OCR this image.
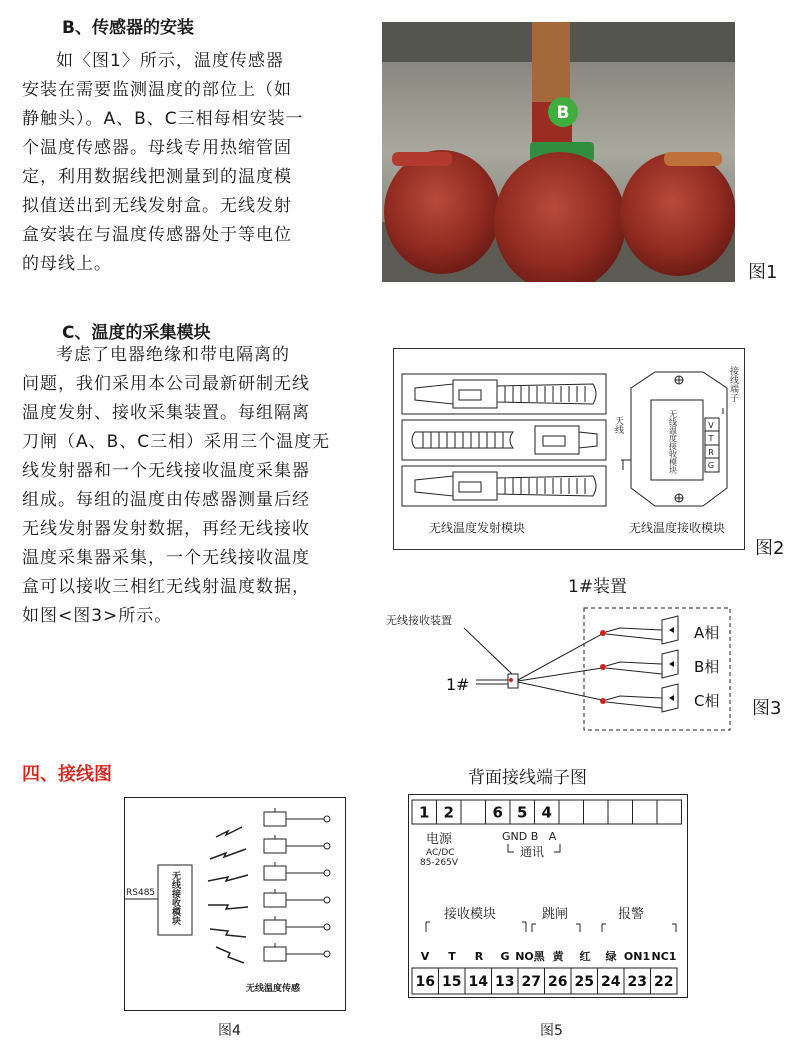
B、传感器的安装
如〈图1〉所示，温度传感器
安装在需要监测温度的部位上（如
静触头）。A、B、C三相每相安装一
个温度传感器。母线专用热缩管固
定，利用数据线把测量到的温度模
拟值送出到无线发射盒。无线发射
盒安装在与温度传感器处于等电位
的母线上。
C、温度的采集模块
考虑了电器绝缘和带电隔离的
问题，我们采用本公司最新研制无线
温度发射、接收采集装置。每组隔离
刀闸（A、B、C三相）采用三个温度无
线发射器和一个无线接收温度采集器
组成。每组的温度由传感器测量后经
无线发射器发射数据，再经无线接收
温度采集器采集，一个无线接收温度
盒可以接收三相红无线射温度数据，
如图<图3>所示。
四、接线图
B
图1
V
T
R
G
无线温度接收模块
天线
接线端子
无线温度发射模块	无线温度接收模块
图2
1#装置
无线接收装置
1#
A相
B相
C相 图3
RS485 无线接收模块
无线温度传感
图4
背面接线端子图
1 2	6 5 4
16 15 14 13 27 26 25 24 23 22
电源
AC/DC
85-265V
GND B   A
通讯
接收模块	跳闸	报警
V T R G NO黑 黄 红 绿 ON1 NC1
图5
